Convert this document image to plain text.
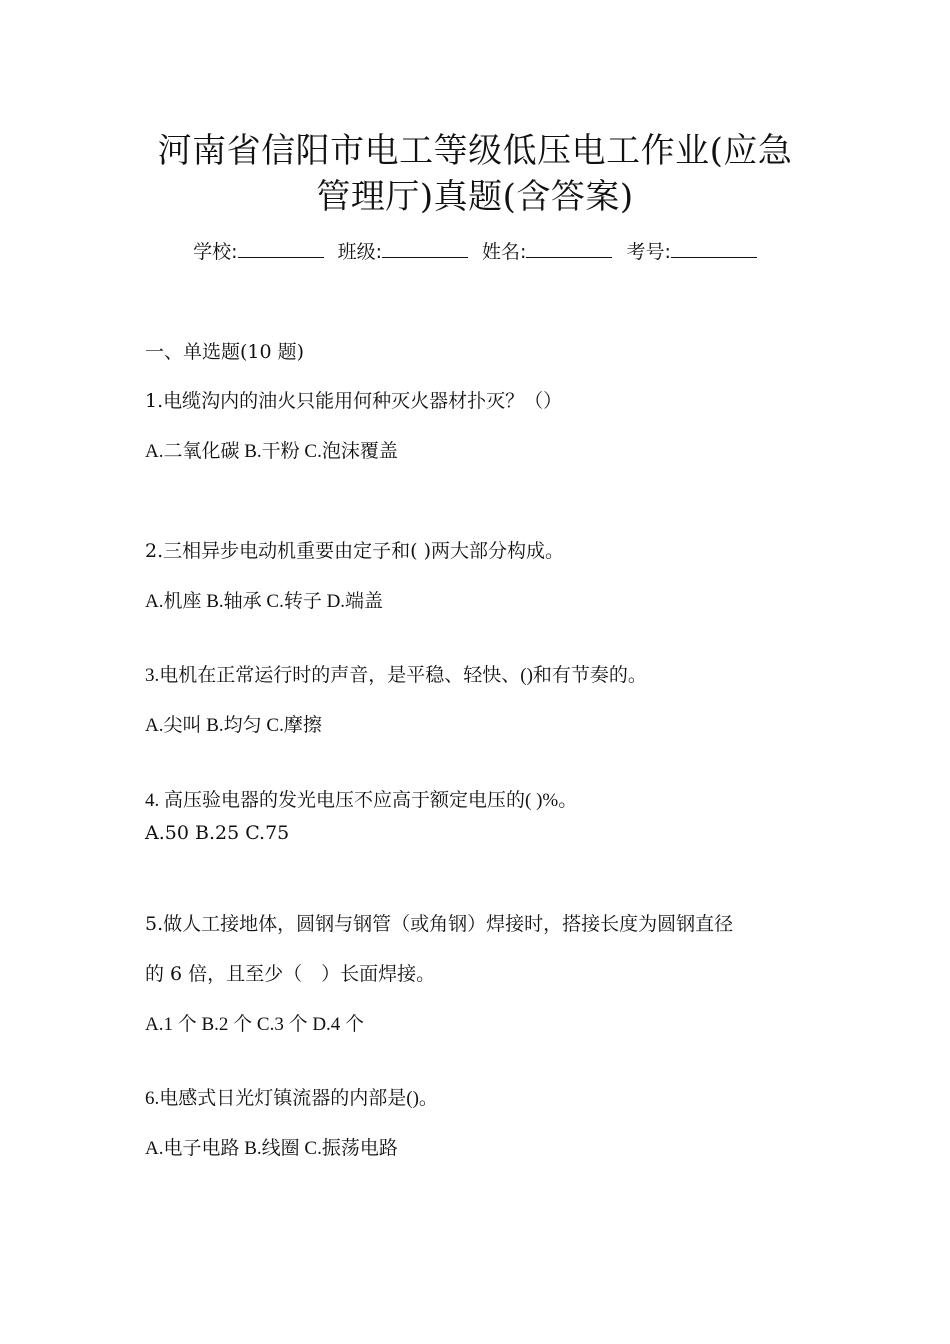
河南省信阳市电工等级低压电工作业(应急
管理厅)真题(含答案)
学校:	班级:	姓名:	考号:
一、单选题(10 题)
1.电缆沟内的油火只能用何种灭火器材扑灭？（）
A.二氧化碳 B.干粉 C.泡沫覆盖
2.三相异步电动机重要由定子和( )两大部分构成。
A.机座 B.轴承 C.转子 D.端盖
3.电机在正常运行时的声音，是平稳、轻快、()和有节奏的。
A.尖叫 B.均匀 C.摩擦
4. 高压验电器的发光电压不应高于额定电压的( )%。
A.50 B.25 C.75
5.做人工接地体，圆钢与钢管（或角钢）焊接时，搭接长度为圆钢直径
的 6 倍，且至少（　）长面焊接。
A.1 个 B.2 个 C.3 个 D.4 个
6.电感式日光灯镇流器的内部是()。
A.电子电路 B.线圈 C.振荡电路
